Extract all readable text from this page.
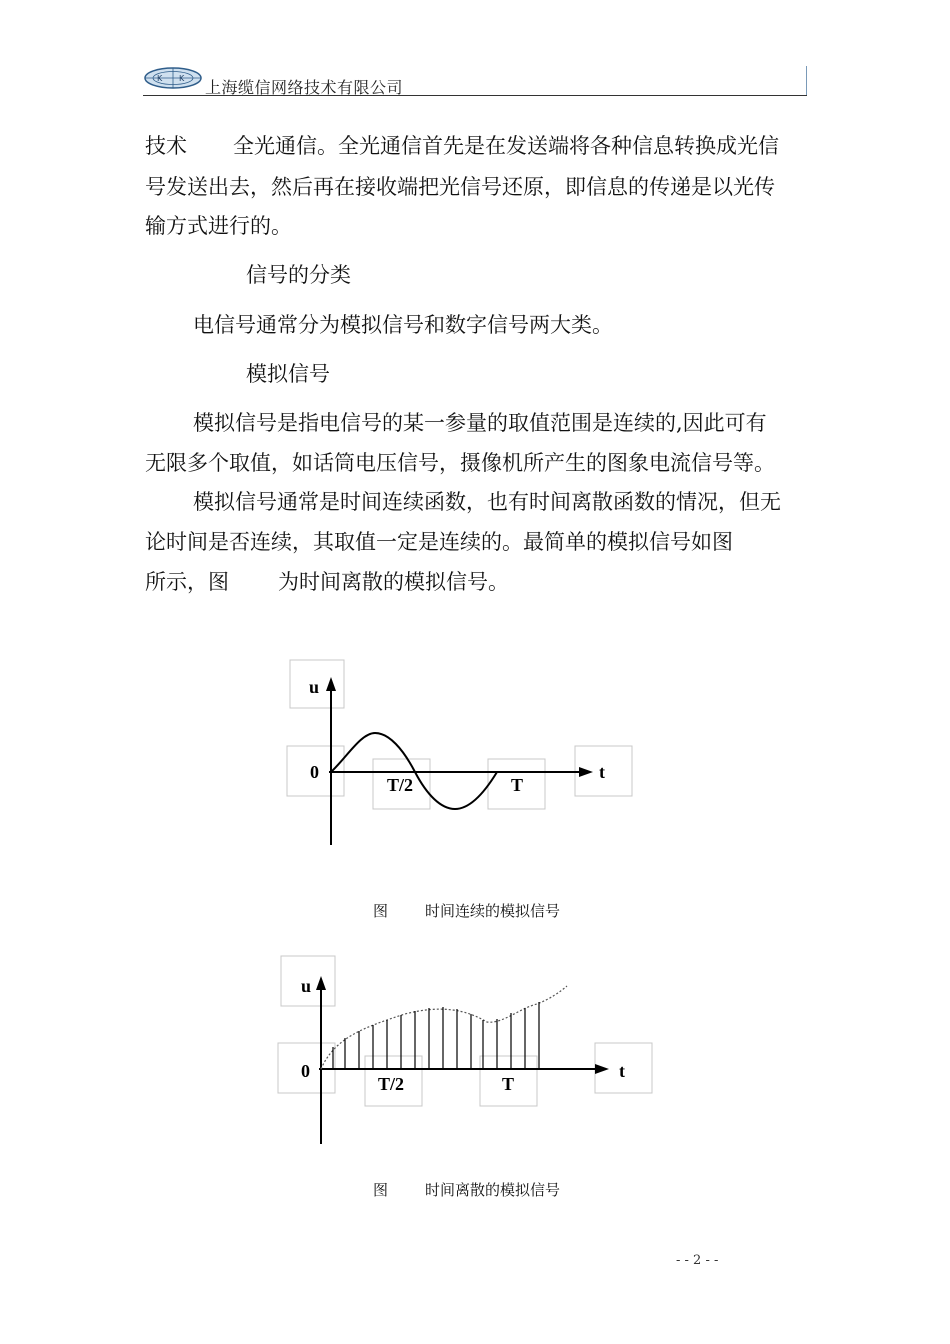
K K 上海缆信网络技术有限公司
技术 全光通信。全光通信首先是在发送端将各种信息转换成光信
号发送出去，然后再在接收端把光信号还原，即信息的传递是以光传
输方式进行的。
信号的分类
电信号通常分为模拟信号和数字信号两大类。
模拟信号
模拟信号是指电信号的某一参量的取值范围是连续的,因此可有
无限多个取值，如话筒电压信号，摄像机所产生的图象电流信号等。
模拟信号通常是时间连续函数，也有时间离散函数的情况，但无
论时间是否连续，其取值一定是连续的。最简单的模拟信号如图
所示，图 为时间离散的模拟信号。
u
0
T/2	T
t
图 时间连续的模拟信号
u
0
T/2	T
t
图 时间离散的模拟信号
- - 2 - -
